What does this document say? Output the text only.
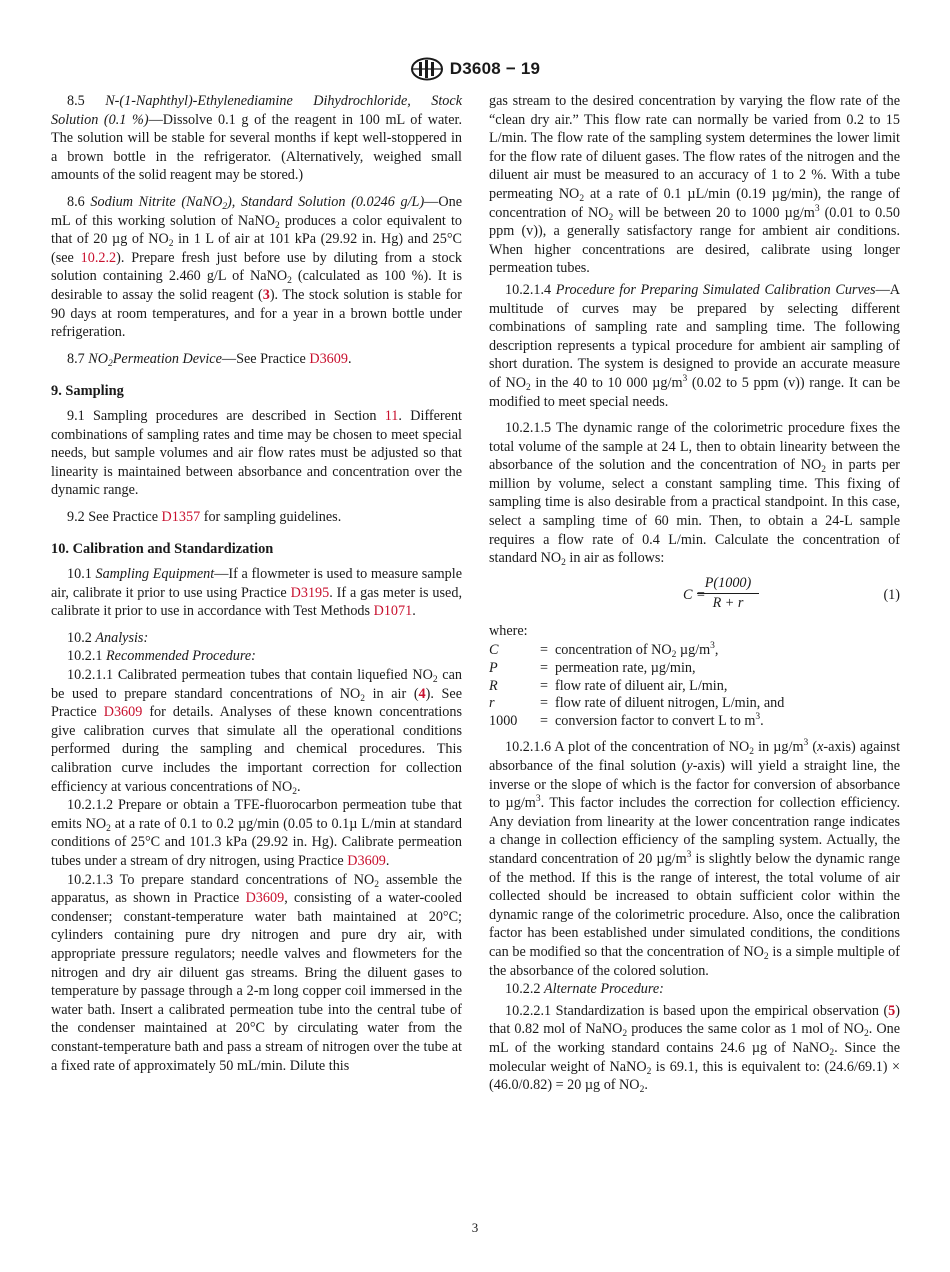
D3608 − 19

8.5 N-(1-Naphthyl)-Ethylenediamine Dihydrochloride, Stock Solution (0.1 %)—Dissolve 0.1 g of the reagent in 100 mL of water. The solution will be stable for several months if kept well-stoppered in a brown bottle in the refrigerator. (Alternatively, weighed small amounts of the solid reagent may be stored.)

8.6 Sodium Nitrite (NaNO$_2$), Standard Solution (0.0246 g/L)—One mL of this working solution of NaNO$_2$ produces a color equivalent to that of 20 µg of $NO_2$ in 1 L of air at 101 kPa (29.92 in. Hg) and 25°C (see 10.2.2). Prepare fresh just before use by diluting from a stock solution containing 2.460 g/L of NaNO$_2$ (calculated as 100 %). It is desirable to assay the solid reagent (3). The stock solution is stable for 90 days at room temperatures, and for a year in a brown bottle under refrigeration.

8.7 $NO_2Permeation$ Device—See Practice D3609.

9. Sampling

9.1 Sampling procedures are described in Section 11. Different combinations of sampling rates and time may be chosen to meet special needs, but sample volumes and air flow rates must be adjusted so that linearity is maintained between absorbance and concentration over the dynamic range.

9.2 See Practice D1357 for sampling guidelines.

10. Calibration and Standardization

10.1 Sampling Equipment—If a flowmeter is used to measure sample air, calibrate it prior to use using Practice D3195. If a gas meter is used, calibrate it prior to use in accordance with Test Methods D1071.

10.2 Analysis:

10.2.1 Recommended Procedure:

10.2.1.1 Calibrated permeation tubes that contain liquefied $NO_2$ can be used to prepare standard concentrations of $NO_2$ in air (4). See Practice D3609 for details. Analyses of these known concentrations give calibration curves that simulate all the operational conditions performed during the sampling and chemical procedures. This calibration curve includes the important correction for collection efficiency at various concentrations of $NO_2$.

10.2.1.2 Prepare or obtain a TFE-fluorocarbon permeation tube that emits $NO_2$ at a rate of 0.1 to 0.2 µg/min (0.05 to 0.1µ L/min at standard conditions of 25°C and 101.3 kPa (29.92 in. Hg). Calibrate permeation tubes under a stream of dry nitrogen, using Practice D3609.

10.2.1.3 To prepare standard concentrations of $NO_2$ assemble the apparatus, as shown in Practice D3609, consisting of a water-cooled condenser; constant-temperature water bath maintained at 20°C; cylinders containing pure dry nitrogen and pure dry air, with appropriate pressure regulators; needle valves and flowmeters for the nitrogen and dry air diluent gas streams. Bring the diluent gases to temperature by passage through a 2-m long copper coil immersed in the water bath. Insert a calibrated permeation tube into the central tube of the condenser maintained at 20°C by circulating water from the constant-temperature bath and pass a stream of nitrogen over the tube at a fixed rate of approximately 50 mL/min. Dilute this

gas stream to the desired concentration by varying the flow rate of the “clean dry air.” This flow rate can normally be varied from 0.2 to 15 L/min. The flow rate of the sampling system determines the lower limit for the flow rate of diluent gases. The flow rates of the nitrogen and the diluent air must be measured to an accuracy of 1 to 2 %. With a tube permeating $NO_2$ at a rate of 0.1 µL/min (0.19 µg/min), the range of concentration of $NO_2$ will be between 20 to 1000 $\mu g/m^3$ (0.01 to 0.50 ppm (v)), a generally satisfactory range for ambient air conditions. When higher concentrations are desired, calibrate using longer permeation tubes.

10.2.1.4 Procedure for Preparing Simulated Calibration Curves—A multitude of curves may be prepared by selecting different combinations of sampling rate and sampling time. The following description represents a typical procedure for ambient air sampling of short duration. The system is designed to provide an accurate measure of $NO_2$ in the 40 to 10 000 $\mu g/m^3$ (0.02 to 5 ppm (v)) range. It can be modified to meet special needs.

10.2.1.5 The dynamic range of the colorimetric procedure fixes the total volume of the sample at 24 L, then to obtain linearity between the absorbance of the solution and the concentration of $NO_2$ in parts per million by volume, select a constant sampling time. This fixing of sampling time is also desirable from a practical standpoint. In this case, select a sampling time of 60 min. Then, to obtain a 24-L sample requires a flow rate of 0.4 L/min. Calculate the concentration of standard $NO_2$ in air as follows:

C =
$\frac{P(1000)}{R + r}$	(1)

where:

C	=	concentration of $NO_2$ $\mu g/m^3$,
P	=	permeation rate, µg/min,
R	=	flow rate of diluent air, L/min,
r	=	flow rate of diluent nitrogen, L/min, and
1000	=	conversion factor to convert L to $m^3$.

10.2.1.6 A plot of the concentration of $NO_2$ in $\mu g/m^3$ (x-axis) against absorbance of the final solution (y-axis) will yield a straight line, the inverse or the slope of which is the factor for conversion of absorbance to $\mu g/m^3$. This factor includes the correction for collection efficiency. Any deviation from linearity at the lower concentration range indicates a change in collection efficiency of the sampling system. Actually, the standard concentration of 20 $\mu g/m^3$ is slightly below the dynamic range of the method. If this is the range of interest, the total volume of air collected should be increased to obtain sufficient color within the dynamic range of the colorimetric procedure. Also, once the calibration factor has been established under simulated conditions, the conditions can be modified so that the concentration of $NO_2$ is a simple multiple of the absorbance of the colored solution.

10.2.2 Alternate Procedure:

10.2.2.1 Standardization is based upon the empirical observation (5) that 0.82 mol of NaNO$_2$ produces the same color as 1 mol of $NO_2$. One mL of the working standard contains 24.6 µg of NaNO$_2$. Since the molecular weight of NaNO$_2$ is 69.1, this is equivalent to: (24.6/69.1) × (46.0/0.82) = 20 µg of $NO_2$.

3
